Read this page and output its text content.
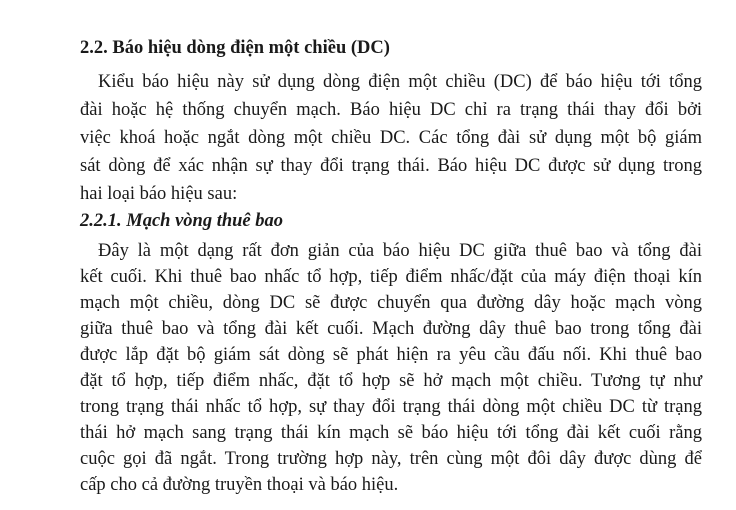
2.2. Báo hiệu dòng điện một chiều (DC)

Kiểu báo hiệu này sử dụng dòng điện một chiều (DC) để báo hiệu tới tổng

đài hoặc hệ thống chuyển mạch. Báo hiệu DC chỉ ra trạng thái thay đổi bởi

việc khoá hoặc ngắt dòng một chiều DC. Các tổng đài sử dụng một bộ giám

sát dòng để xác nhận sự thay đổi trạng thái. Báo hiệu DC được sử dụng trong

hai loại báo hiệu sau:

2.2.1. Mạch vòng thuê bao

Đây là một dạng rất đơn giản của báo hiệu DC giữa thuê bao và tổng đài

kết cuối. Khi thuê bao nhấc tổ hợp, tiếp điểm nhấc/đặt của máy điện thoại kín

mạch một chiều, dòng DC sẽ được chuyển qua đường dây hoặc mạch vòng

giữa thuê bao và tổng đài kết cuối. Mạch đường dây thuê bao trong tổng đài

được lắp đặt bộ giám sát dòng sẽ phát hiện ra yêu cầu đấu nối. Khi thuê bao

đặt tổ hợp, tiếp điểm nhấc, đặt tổ hợp sẽ hở mạch một chiều. Tương tự như

trong trạng thái nhấc tổ hợp, sự thay đổi trạng thái dòng một chiều DC từ trạng

thái hở mạch sang trạng thái kín mạch sẽ báo hiệu tới tổng đài kết cuối rằng

cuộc gọi đã ngắt. Trong trường hợp này, trên cùng một đôi dây được dùng để

cấp cho cả đường truyền thoại và báo hiệu.
